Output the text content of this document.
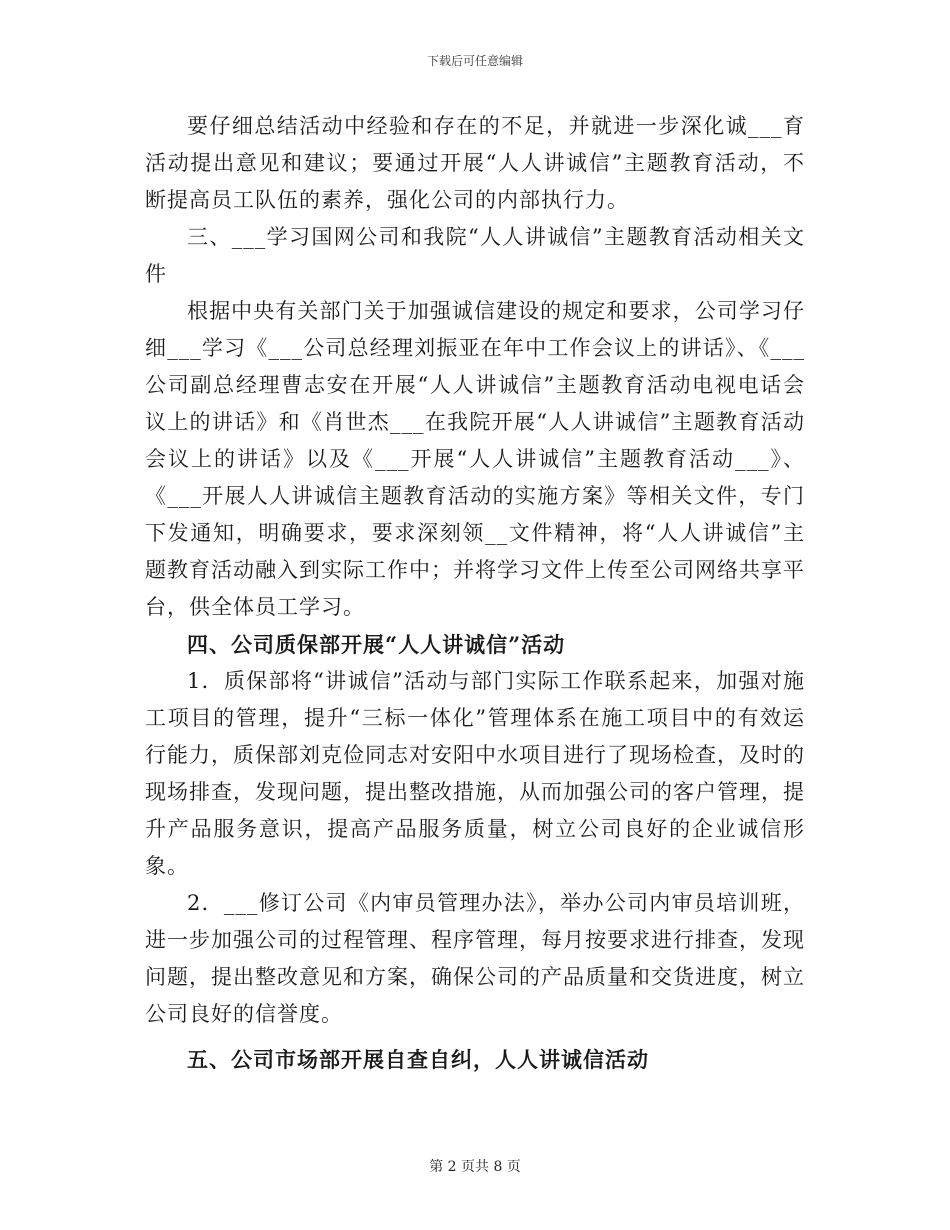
下载后可任意编辑

要仔细总结活动中经验和存在的不足，并就进一步深化诚___育活动提出意见和建议；要通过开展“人人讲诚信”主题教育活动，不断提高员工队伍的素养，强化公司的内部执行力。

三、___学习国网公司和我院“人人讲诚信”主题教育活动相关文件

根据中央有关部门关于加强诚信建设的规定和要求，公司学习仔细___学习《___公司总经理刘振亚在年中工作会议上的讲话》、《___公司副总经理曹志安在开展“人人讲诚信”主题教育活动电视电话会议上的讲话》和《肖世杰___在我院开展“人人讲诚信”主题教育活动会议上的讲话》以及《___开展“人人讲诚信”主题教育活动___》、《___开展人人讲诚信主题教育活动的实施方案》等相关文件，专门下发通知，明确要求，要求深刻领__文件精神，将“人人讲诚信”主题教育活动融入到实际工作中；并将学习文件上传至公司网络共享平台，供全体员工学习。

四、公司质保部开展“人人讲诚信”活动

1．质保部将“讲诚信”活动与部门实际工作联系起来，加强对施工项目的管理，提升“三标一体化”管理体系在施工项目中的有效运行能力，质保部刘克俭同志对安阳中水项目进行了现场检查，及时的现场排查，发现问题，提出整改措施，从而加强公司的客户管理，提升产品服务意识，提高产品服务质量，树立公司良好的企业诚信形象。

2．___修订公司《内审员管理办法》，举办公司内审员培训班，进一步加强公司的过程管理、程序管理，每月按要求进行排查，发现问题，提出整改意见和方案，确保公司的产品质量和交货进度，树立公司良好的信誉度。

五、公司市场部开展自查自纠，人人讲诚信活动

第 2 页共 8 页
